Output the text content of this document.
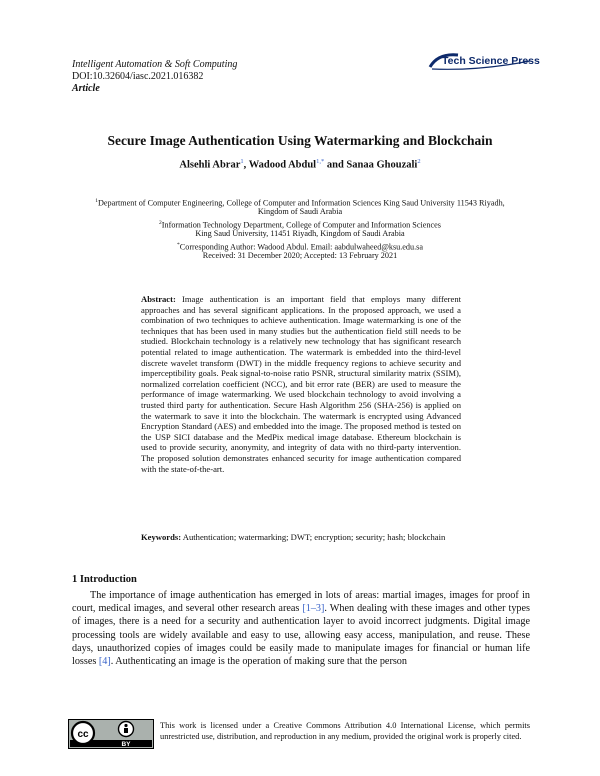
Intelligent Automation & Soft Computing
DOI:10.32604/iasc.2021.016382
Article
Tech Science Press
Secure Image Authentication Using Watermarking and Blockchain
Alsehli Abrar$^1$, Wadood Abdul$^{1,*}$ and Sanaa Ghouzali$^2$
$^1$Department of Computer Engineering, College of Computer and Information Sciences King Saud University 11543 Riyadh,
Kingdom of Saudi Arabia
$^2$Information Technology Department, College of Computer and Information Sciences
King Saud University, 11451 Riyadh, Kingdom of Saudi Arabia
*Corresponding Author: Wadood Abdul. Email: aabdulwaheed@ksu.edu.sa
Received: 31 December 2020; Accepted: 13 February 2021
Abstract: Image authentication is an important field that employs many different approaches and has several significant applications. In the proposed approach, we used a combination of two techniques to achieve authentication. Image watermarking is one of the techniques that has been used in many studies but the authentication field still needs to be studied. Blockchain technology is a relatively new technology that has significant research potential related to image authentication. The watermark is embedded into the third-level discrete wavelet transform (DWT) in the middle frequency regions to achieve security and imperceptibility goals. Peak signal-to-noise ratio PSNR, structural similarity matrix (SSIM), normalized correlation coefficient (NCC), and bit error rate (BER) are used to measure the performance of image watermarking. We used blockchain technology to avoid involving a trusted third party for authentication. Secure Hash Algorithm 256 (SHA-256) is applied on the watermark to save it into the blockchain. The watermark is encrypted using Advanced Encryption Standard (AES) and embedded into the image. The proposed method is tested on the USP SICI database and the MedPix medical image database. Ethereum blockchain is used to provide security, anonymity, and integrity of data with no third-party intervention. The proposed solution demonstrates enhanced security for image authentication compared with the state-of-the-art.
Keywords: Authentication; watermarking; DWT; encryption; security; hash; blockchain
1 Introduction
The importance of image authentication has emerged in lots of areas: martial images, images for proof in court, medical images, and several other research areas [1–3]. When dealing with these images and other types of images, there is a need for a security and authentication layer to avoid incorrect judgments. Digital image processing tools are widely available and easy to use, allowing easy access, manipulation, and reuse. These days, unauthorized copies of images could be easily made to manipulate images for financial or human life losses [4]. Authenticating an image is the operation of making sure that the person
cc
BY
This work is licensed under a Creative Commons Attribution 4.0 International License, which permits unrestricted use, distribution, and reproduction in any medium, provided the original work is properly cited.
